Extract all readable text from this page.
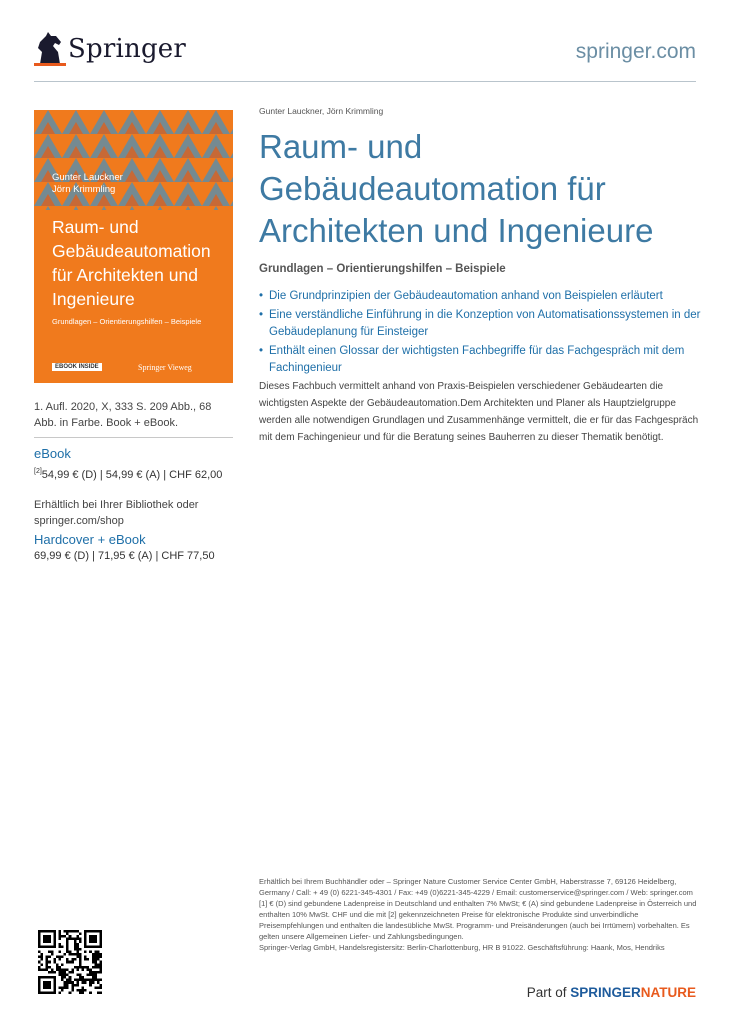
Springer	springer.com
Gunter Lauckner
Jörn Krimmling
Raum- und Gebäudeautomation für Architekten und Ingenieure
Grundlagen – Orientierungshilfen – Beispiele
EBOOK INSIDE	Springer Vieweg
1. Aufl. 2020, X, 333 S. 209 Abb., 68 Abb. in Farbe. Book + eBook.
eBook
[2]54,99 € (D) | 54,99 € (A) | CHF 62,00
Erhältlich bei Ihrer Bibliothek oder springer.com/shop
Hardcover + eBook
69,99 € (D) | 71,95 € (A) | CHF 77,50
Gunter Lauckner, Jörn Krimmling
Raum- und Gebäudeautomation für Architekten und Ingenieure
Grundlagen – Orientierungshilfen – Beispiele
• Die Grundprinzipien der Gebäudeautomation anhand von Beispielen erläutert
• Eine verständliche Einführung in die Konzeption von Automatisationssystemen in der Gebäudeplanung für Einsteiger
• Enthält einen Glossar der wichtigsten Fachbegriffe für das Fachgespräch mit dem Fachingenieur
Dieses Fachbuch vermittelt anhand von Praxis-Beispielen verschiedener Gebäudearten die wichtigsten Aspekte der Gebäudeautomation.Dem Architekten und Planer als Hauptzielgruppe werden alle notwendigen Grundlagen und Zusammenhänge vermittelt, die er für das Fachgespräch mit dem Fachingenieur und für die Beratung seines Bauherren zu dieser Thematik benötigt.

Erhältlich bei Ihrem Buchhändler oder – Springer Nature Customer Service Center GmbH, Haberstrasse 7, 69126 Heidelberg, Germany / Call: + 49 (0) 6221-345-4301 / Fax: +49 (0)6221-345-4229 / Email: customerservice@springer.com / Web: springer.com

[1] € (D) sind gebundene Ladenpreise in Deutschland und enthalten 7% MwSt; € (A) sind gebundene Ladenpreise in Österreich und enthalten 10% MwSt. CHF und die mit [2] gekennzeichneten Preise für elektronische Produkte sind unverbindliche Preisempfehlungen und enthalten die landesübliche MwSt. Programm- und Preisänderungen (auch bei Irrtümern) vorbehalten. Es gelten unsere Allgemeinen Liefer- und Zahlungsbedingungen.

Springer-Verlag GmbH, Handelsregistersitz: Berlin-Charlottenburg, HR B 91022. Geschäftsführung: Haank, Mos, Hendriks

Part of SPRINGERNATURE
